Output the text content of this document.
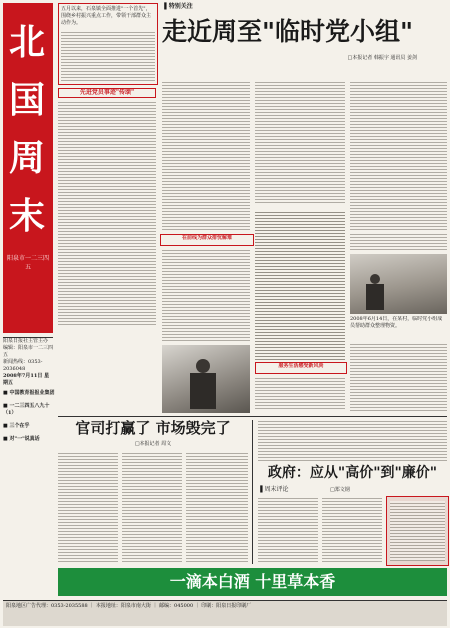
北
国
周
末
阳泉市一二三四五
五月以来，石泉镇全面推进"一个首先"，围绕乡村振兴重点工作，带领干部群众主动作为。
先进党员事迹"传颂"
阳泉日报社主管主办
编辑：阳泉市一二三四五
新闻热线：0353-2036048
2008年7月11日 星期五
■ 中国教育报报业集团
■ 一二三四五八九十（1）
■ 三个在乎
■ 对"一"说真话
▐ 特别关注
走近周至"临时党小组"
□本报记者 韩振宇 通讯员 姜剑
在前线为群众排忧解难
2008年6月14日，在某村，临时党小组成员帮助群众整理物资。
服务生活感受新风尚
官司打赢了 市场毁完了
□本报记者 周文
政府：应从"高价"到"廉价"
▐ 周末评论	□郑文钢
一滴本白酒 十里草本香
阳泉地区广告代理：0353-2035588 ｜ 本报地址：阳泉市南大街 ｜ 邮编：045000 ｜ 印刷：阳泉日报印刷厂
